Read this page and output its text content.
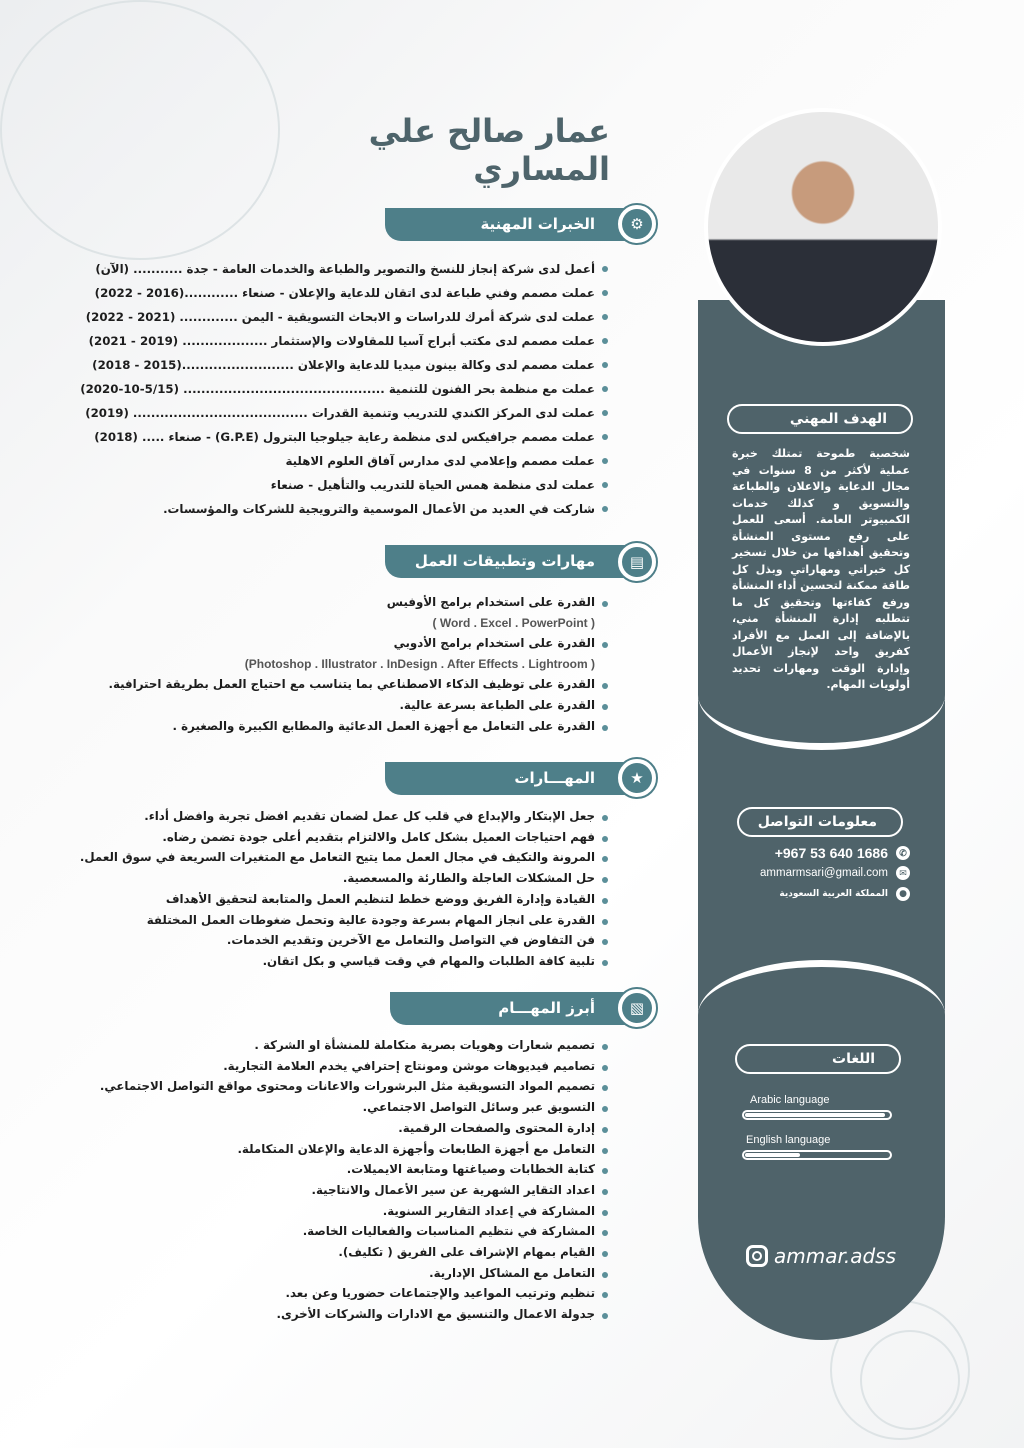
عمار صالح علي المساري
الهدف المهني
شخصية طموحة تمتلك خبرة عملية لأكثر من 8 سنوات في مجال الدعاية والاعلان والطباعة والتسويق و كذلك خدمات الكمبيوتر العامة. أسعى للعمل على رفع مستوى المنشأة وتحقيق أهدافها من خلال تسخير كل خبراتي ومهاراتي وبذل كل طاقة ممكنة لتحسين أداء المنشأة ورفع كفاءتها وتحقيق كل ما تتطلبه إدارة المنشأة مني، بالإضافة إلى العمل مع الأفراد كفريق واحد لإنجاز الأعمال وإدارة الوقت ومهارات تحديد أولويات المهام.
معلومات التواصل
+967 53 640 1686	✆
ammarmsari@gmail.com	✉
المملكة العربية السعودية	●
اللغات
Arabic language
English language
ammar.adss
الخبرات المهنية	⚙
أعمل لدى شركة إنجاز للنسخ والتصوير والطباعة والخدمات العامة - جدة ........... (الآن)
عملت مصمم وفني طباعة لدى اتقان للدعاية والإعلان - صنعاء ............(2016 - 2022)
عملت لدى شركة أمرك للدراسات و الابحاث التسويقية - اليمن ............. (2021 - 2022)
عملت مصمم لدى مكتب أبراج آسيا للمقاولات والإستثمار ................... (2019 - 2021)
عملت مصمم لدى وكالة بينون ميديا للدعاية والإعلان .........................(2015 - 2018)
عملت مع منظمة بحر الفنون للتنمية ............................................. (5/15-10-2020)
عملت لدى المركز الكندي للتدريب وتنمية القدرات ....................................... (2019)
عملت مصمم جرافيكس لدى منظمة رعاية جيلوجيا البترول (G.P.E) - صنعاء ..... (2018)
عملت مصمم وإعلامي لدى مدارس آفاق العلوم الاهلية
عملت لدى منظمة همس الحياة للتدريب والتأهيل - صنعاء
شاركت في العديد من الأعمال الموسمية والترويجية للشركات والمؤسسات.
مهارات وتطبيقات العمل	▤
القدرة على استخدام برامج الأوفيس
( Word . Excel . PowerPoint )
القدرة على استخدام برامج الأدوبي
( Photoshop . Illustrator . InDesign . After Effects . Lightroom)
القدرة على توظيف الذكاء الاصطناعي بما يتناسب مع احتياج العمل بطريقة احترافية.
القدرة على الطباعة بسرعة عالية.
القدرة على التعامل مع أجهزة العمل الدعائية والمطابع الكبيرة والصغيرة .
المهـــارات	★
جعل الإبتكار والإبداع في قلب كل عمل لضمان تقديم افضل تجربة وافضل أداء.
فهم احتياجات العميل بشكل كامل والالتزام بتقديم أعلى جودة تضمن رضاه.
المرونة والتكيف في مجال العمل مما يتيح التعامل مع المتغيرات السريعة في سوق العمل.
حل المشكلات العاجلة والطارئة والمسعصية.
القيادة وإدارة الفريق ووضع خطط لتنظيم العمل والمتابعة لتحقيق الأهداف
القدرة على انجاز المهام بسرعة وجودة عالية وتحمل ضغوطات العمل المختلفة
فن التفاوض في التواصل والتعامل مع الآخرين وتقديم الخدمات.
تلبية كافة الطلبات والمهام في وقت قياسي و بكل اتقان.
أبرز المهـــام	▧
تصميم شعارات وهويات بصرية متكاملة للمنشأة او الشركة .
تصاميم فيديوهات موشن ومونتاج إحترافي يخدم العلامة التجارية.
تصميم المواد التسويقية مثل البرشورات والاعانات ومحتوى مواقع التواصل الاجتماعي.
التسويق عبر وسائل التواصل الاجتماعي.
إدارة المحتوى والصفحات الرقمية.
التعامل مع أجهزة الطابعات وأجهزة الدعاية والإعلان المتكاملة.
كتابة الخطابات وصياغتها ومتابعة الايميلات.
اعداد التقاير الشهرية عن سير الأعمال والانتاجية.
المشاركة في إعداد التقارير السنوية.
المشاركة في نتظيم المناسبات والفعاليات الخاصة.
القيام بمهام الإشراف على الفريق ( تكليف).
التعامل مع المشاكل الإدارية.
تنظيم وترتيب المواعيد والإجتماعات حضوريا وعن بعد.
جدولة الاعمال والتنسيق مع الادارات والشركات الأخرى.
